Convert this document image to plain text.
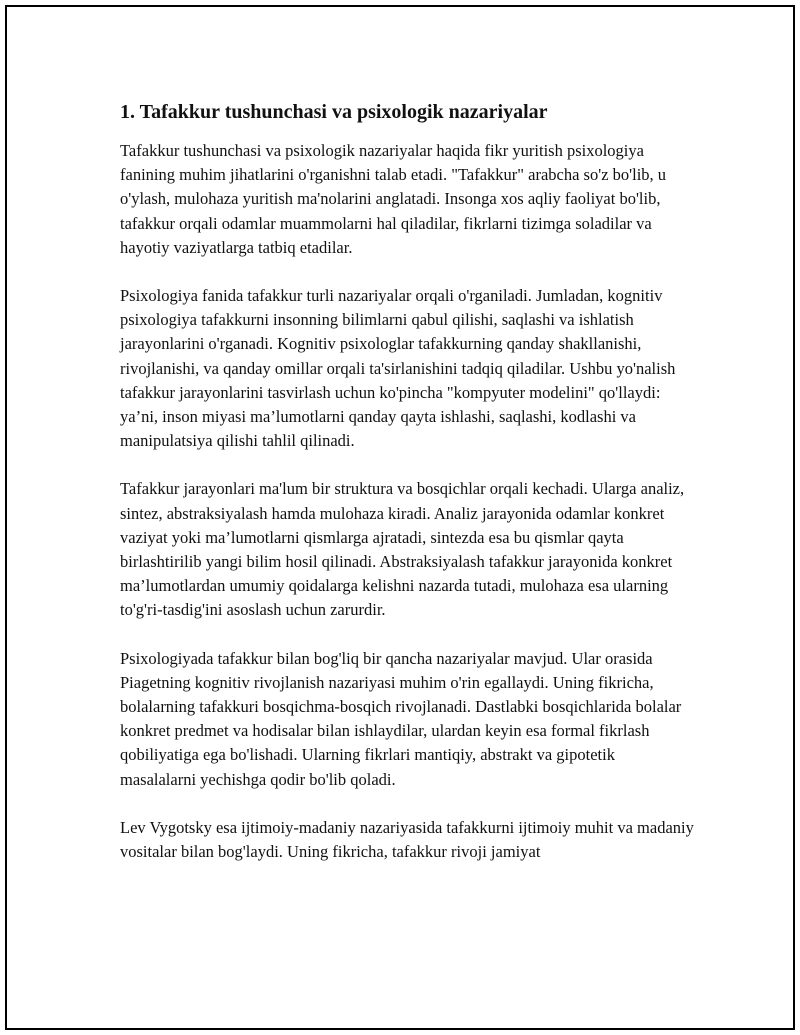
1. Tafakkur tushunchasi va psixologik nazariyalar

Tafakkur tushunchasi va psixologik nazariyalar haqida fikr yuritish psixologiya fanining muhim jihatlarini o'rganishni talab etadi. "Tafakkur" arabcha so'z bo'lib, u o'ylash, mulohaza yuritish ma'nolarini anglatadi. Insonga xos aqliy faoliyat bo'lib, tafakkur orqali odamlar muammolarni hal qiladilar, fikrlarni tizimga soladilar va hayotiy vaziyatlarga tatbiq etadilar.

Psixologiya fanida tafakkur turli nazariyalar orqali o'rganiladi. Jumladan, kognitiv psixologiya tafakkurni insonning bilimlarni qabul qilishi, saqlashi va ishlatish jarayonlarini o'rganadi. Kognitiv psixologlar tafakkurning qanday shakllanishi, rivojlanishi, va qanday omillar orqali ta'sirlanishini tadqiq qiladilar. Ushbu yo'nalish tafakkur jarayonlarini tasvirlash uchun ko'pincha "kompyuter modelini" qo'llaydi: ya’ni, inson miyasi ma’lumotlarni qanday qayta ishlashi, saqlashi, kodlashi va manipulatsiya qilishi tahlil qilinadi.

Tafakkur jarayonlari ma'lum bir struktura va bosqichlar orqali kechadi. Ularga analiz, sintez, abstraksiyalash hamda mulohaza kiradi. Analiz jarayonida odamlar konkret vaziyat yoki ma’lumotlarni qismlarga ajratadi, sintezda esa bu qismlar qayta birlashtirilib yangi bilim hosil qilinadi. Abstraksiyalash tafakkur jarayonida konkret ma’lumotlardan umumiy qoidalarga kelishni nazarda tutadi, mulohaza esa ularning to'g'ri-tasdig'ini asoslash uchun zarurdir.

Psixologiyada tafakkur bilan bog'liq bir qancha nazariyalar mavjud. Ular orasida Piagetning kognitiv rivojlanish nazariyasi muhim o'rin egallaydi. Uning fikricha, bolalarning tafakkuri bosqichma-bosqich rivojlanadi. Dastlabki bosqichlarida bolalar konkret predmet va hodisalar bilan ishlaydilar, ulardan keyin esa formal fikrlash qobiliyatiga ega bo'lishadi. Ularning fikrlari mantiqiy, abstrakt va gipotetik masalalarni yechishga qodir bo'lib qoladi.

Lev Vygotsky esa ijtimoiy-madaniy nazariyasida tafakkurni ijtimoiy muhit va madaniy vositalar bilan bog'laydi. Uning fikricha, tafakkur rivoji jamiyat
